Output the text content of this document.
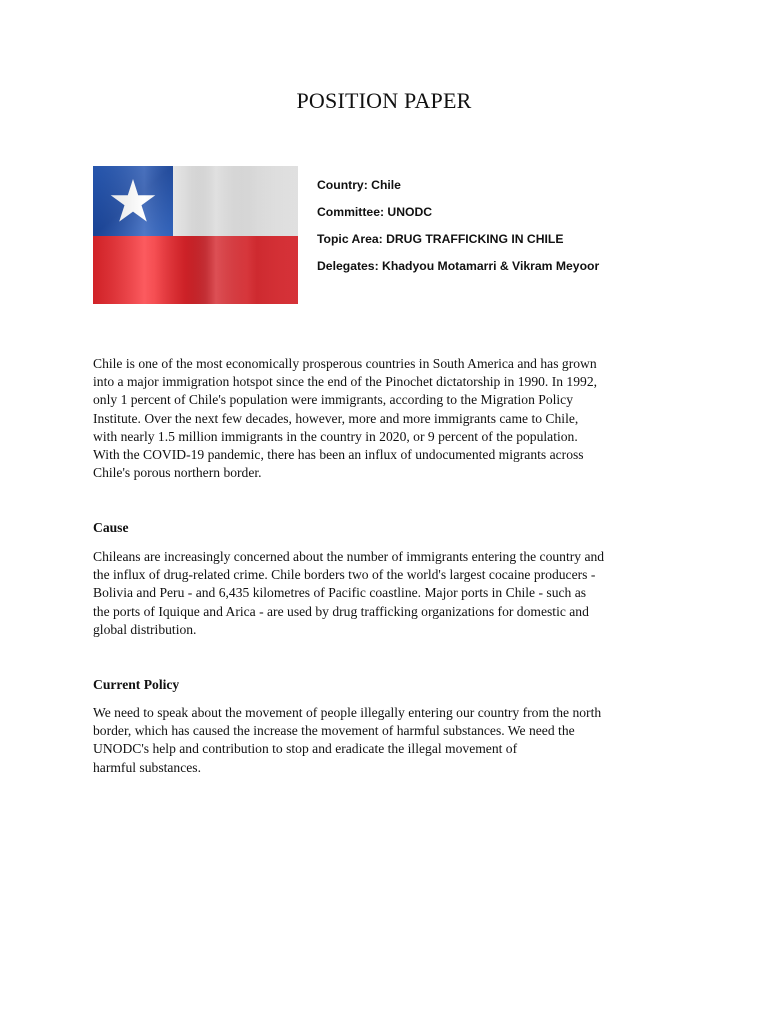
POSITION PAPER
Country: Chile
Committee: UNODC
Topic Area: DRUG TRAFFICKING IN CHILE
Delegates: Khadyou Motamarri & Vikram Meyoor
Chile is one of the most economically prosperous countries in South America and has grown
into a major immigration hotspot since the end of the Pinochet dictatorship in 1990. In 1992,
only 1 percent of Chile's population were immigrants, according to the Migration Policy
Institute. Over the next few decades, however, more and more immigrants came to Chile,
with nearly 1.5 million immigrants in the country in 2020, or 9 percent of the population.
With the COVID-19 pandemic, there has been an influx of undocumented migrants across
Chile's porous northern border.
Cause
Chileans are increasingly concerned about the number of immigrants entering the country and
the influx of drug-related crime. Chile borders two of the world's largest cocaine producers -
Bolivia and Peru - and 6,435 kilometres of Pacific coastline. Major ports in Chile - such as
the ports of Iquique and Arica - are used by drug trafficking organizations for domestic and
global distribution.
Current Policy
We need to speak about the movement of people illegally entering our country from the north
border, which has caused the increase the movement of harmful substances. We need the
UNODC's help and contribution to stop and eradicate the illegal movement of
harmful substances.
